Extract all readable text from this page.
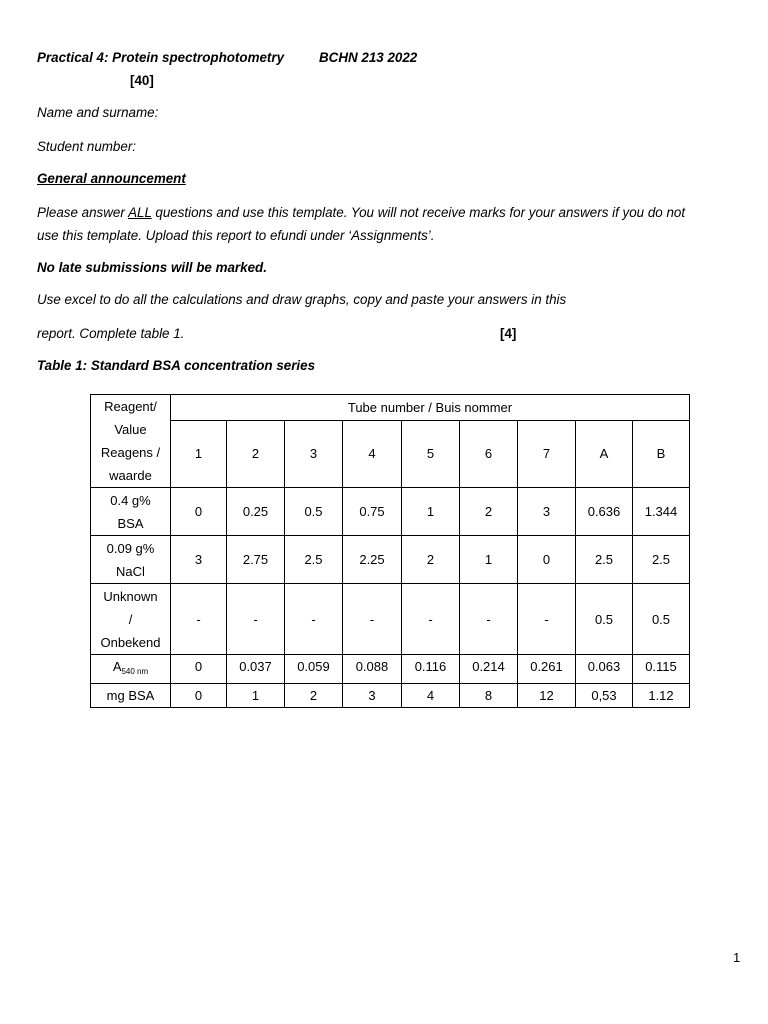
Practical 4: Protein spectrophotometry	BCHN 213 2022
[40]
Name and surname:
Student number:
General announcement
Please answer ALL questions and use this template. You will not receive marks for your answers if you do not
use this template. Upload this report to efundi under ‘Assignments’.
No late submissions will be marked.
Use excel to do all the calculations and draw graphs, copy and paste your answers in this
report. Complete table 1.	[4]
Table 1: Standard BSA concentration series
Reagent/
Value
Reagens /
waarde	Tube number / Buis nommer								
	1	2	3	4	5	6	7	A	B

0.4 g%
BSA	0	0.25	0.5	0.75	1	2	3	0.636	1.344

0.09 g%
NaCl	3	2.75	2.5	2.25	2	1	0	2.5	2.5

Unknown
/
Onbekend	-	-	-	-	-	-	-	0.5	0.5
$A_{540 nm}$	0	0.037	0.059	0.088	0.116	0.214	0.261	0.063	0.115
mg BSA	0	1	2	3	4	8	12	0,53	1.12
1
